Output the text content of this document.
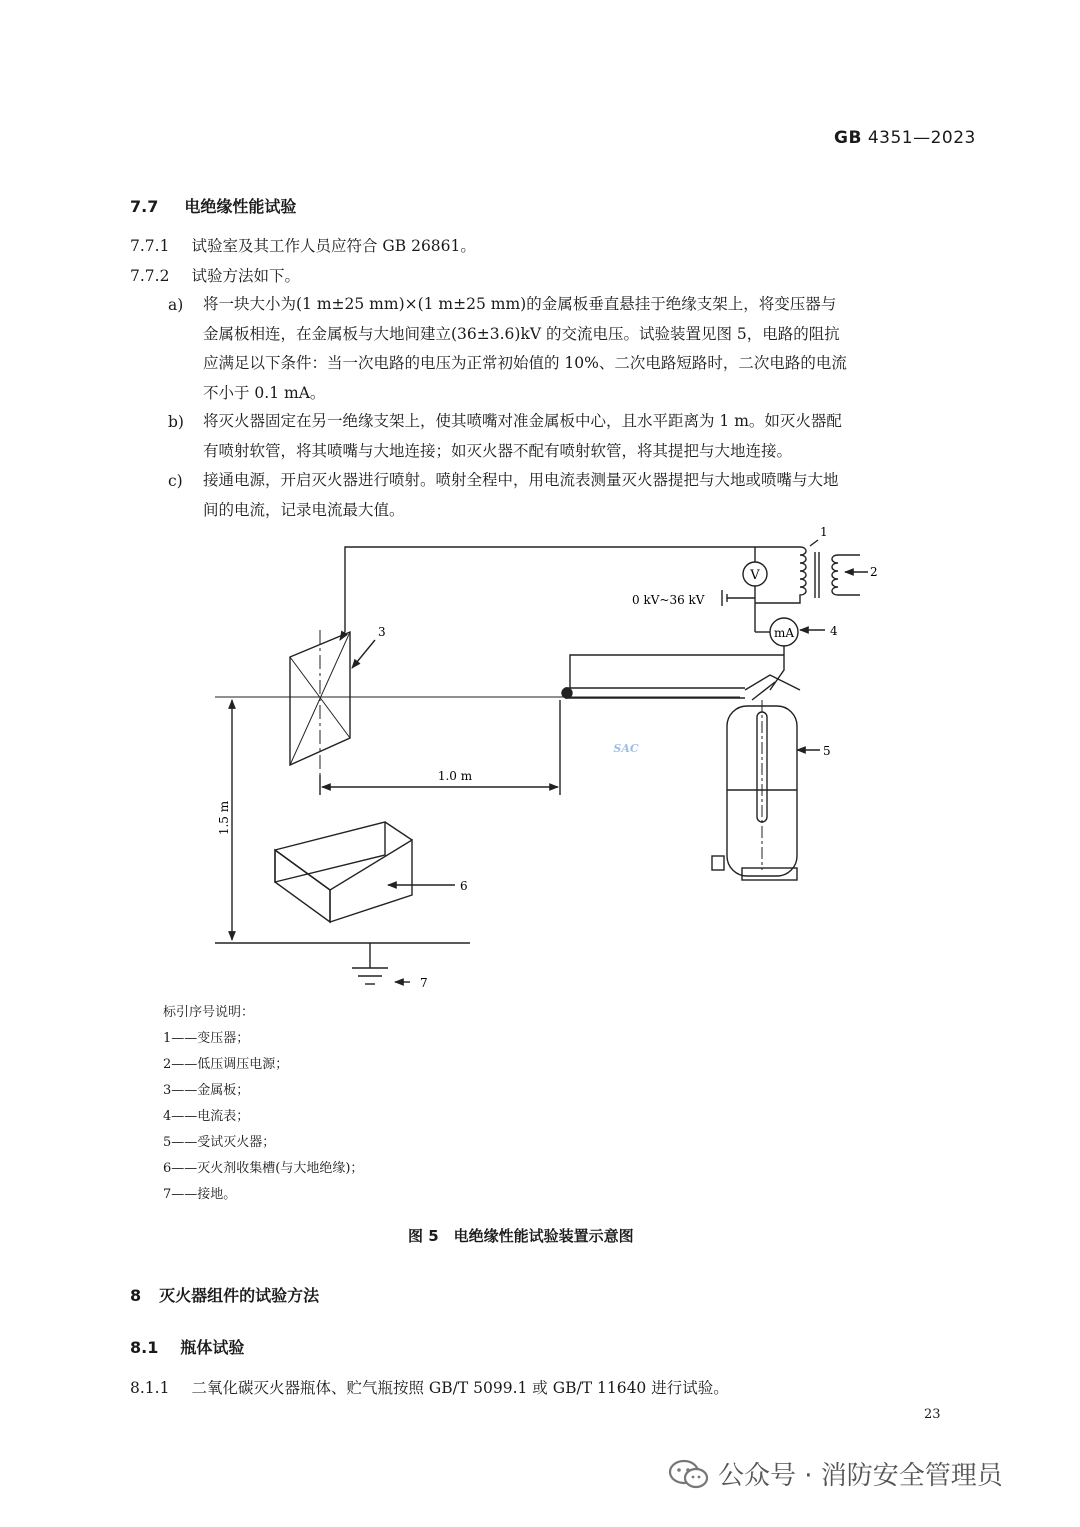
GB 4351—2023
7.7 电绝缘性能试验
7.7.1 试验室及其工作人员应符合 GB 26861。
7.7.2 试验方法如下。
a) 将一块大小为(1 m±25 mm)×(1 m±25 mm)的金属板垂直悬挂于绝缘支架上，将变压器与
金属板相连，在金属板与大地间建立(36±3.6)kV 的交流电压。试验装置见图 5，电路的阻抗
应满足以下条件：当一次电路的电压为正常初始值的 10%、二次电路短路时，二次电路的电流
不小于 0.1 mA。
b) 将灭火器固定在另一绝缘支架上，使其喷嘴对准金属板中心，且水平距离为 1 m。如灭火器配
有喷射软管，将其喷嘴与大地连接；如灭火器不配有喷射软管，将其提把与大地连接。
c) 接通电源，开启灭火器进行喷射。喷射全程中，用电流表测量灭火器提把与大地或喷嘴与大地
间的电流，记录电流最大值。
V
mA
0 kV~36 kV
1.0 m
1.5 m
SAC
1
2
3	4
5
6
7
标引序号说明：
1——变压器；
2——低压调压电源；
3——金属板；
4——电流表；
5——受试灭火器；
6——灭火剂收集槽(与大地绝缘)；
7——接地。
图 5　电绝缘性能试验装置示意图
8 灭火器组件的试验方法
8.1 瓶体试验
8.1.1 二氧化碳灭火器瓶体、贮气瓶按照 GB/T 5099.1 或 GB/T 11640 进行试验。
23
公众号 · 消防安全管理员
